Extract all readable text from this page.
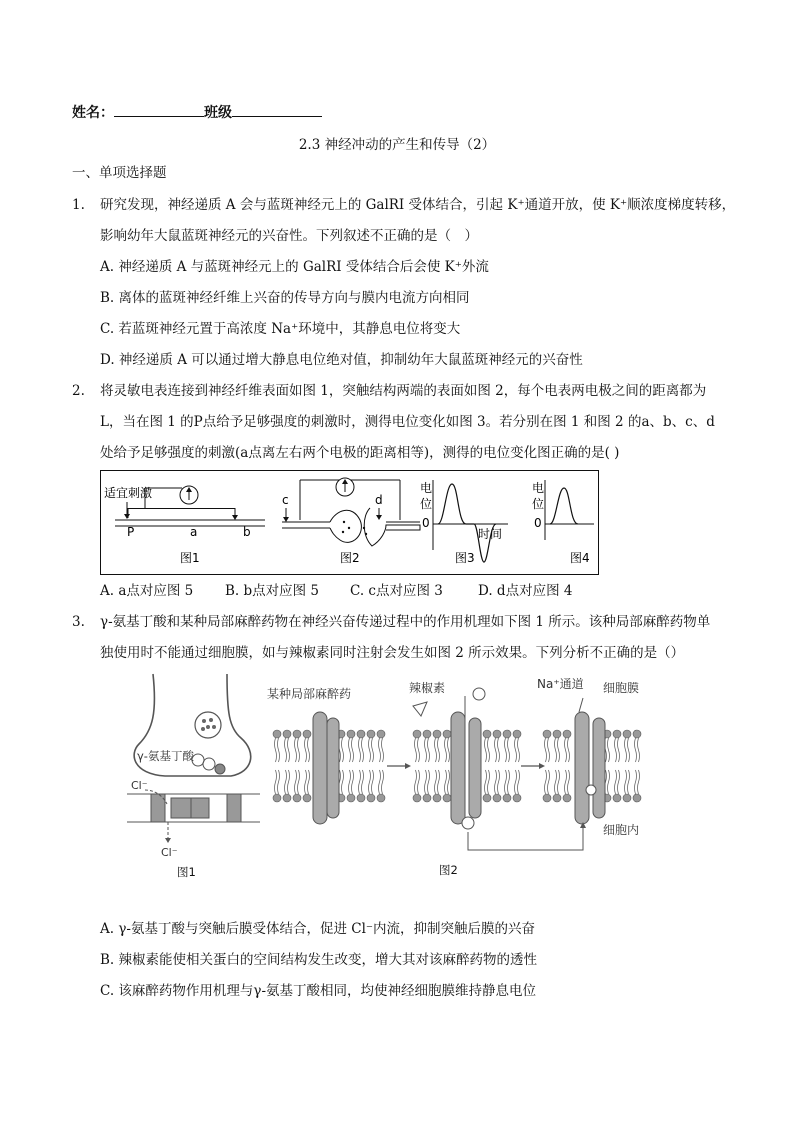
姓名：	班级
2.3 神经冲动的产生和传导（2）
一、单项选择题
1. 研究发现，神经递质 A 会与蓝斑神经元上的 GalRI 受体结合，引起 K⁺通道开放，使 K⁺顺浓度梯度转移，
影响幼年大鼠蓝斑神经元的兴奋性。下列叙述不正确的是（　）
A. 神经递质 A 与蓝斑神经元上的 GalRI 受体结合后会使 K⁺外流
B. 离体的蓝斑神经纤维上兴奋的传导方向与膜内电流方向相同
C. 若蓝斑神经元置于高浓度 Na⁺环境中，其静息电位将变大
D. 神经递质 A 可以通过增大静息电位绝对值，抑制幼年大鼠蓝斑神经元的兴奋性
2. 将灵敏电表连接到神经纤维表面如图 1，突触结构两端的表面如图 2，每个电表两电极之间的距离都为
L，当在图 1 的P点给予足够强度的刺激时，测得电位变化如图 3。若分别在图 1 和图 2 的a、b、c、d
处给予足够强度的刺激(a点离左右两个电极的距离相等)，测得的电位变化图正确的是( )
适宜刺激
P	a	b
图1
c	d
图2
电
位
0
时间
图3
电
位
0
图4
A. a点对应图 5 B. b点对应图 5 C. c点对应图 3	D. d点对应图 4
3. γ-氨基丁酸和某种局部麻醉药物在神经兴奋传递过程中的作用机理如下图 1 所示。该种局部麻醉药物单
独使用时不能通过细胞膜，如与辣椒素同时注射会发生如图 2 所示效果。下列分析不正确的是（）
γ-氨基丁酸
Cl⁻
Cl⁻
图1
某种局部麻醉药	辣椒素	Na⁺通道 细胞膜
细胞内
图2
A. γ-氨基丁酸与突触后膜受体结合，促进 Cl⁻内流，抑制突触后膜的兴奋
B. 辣椒素能使相关蛋白的空间结构发生改变，增大其对该麻醉药物的透性
C. 该麻醉药物作用机理与γ-氨基丁酸相同，均使神经细胞膜维持静息电位
